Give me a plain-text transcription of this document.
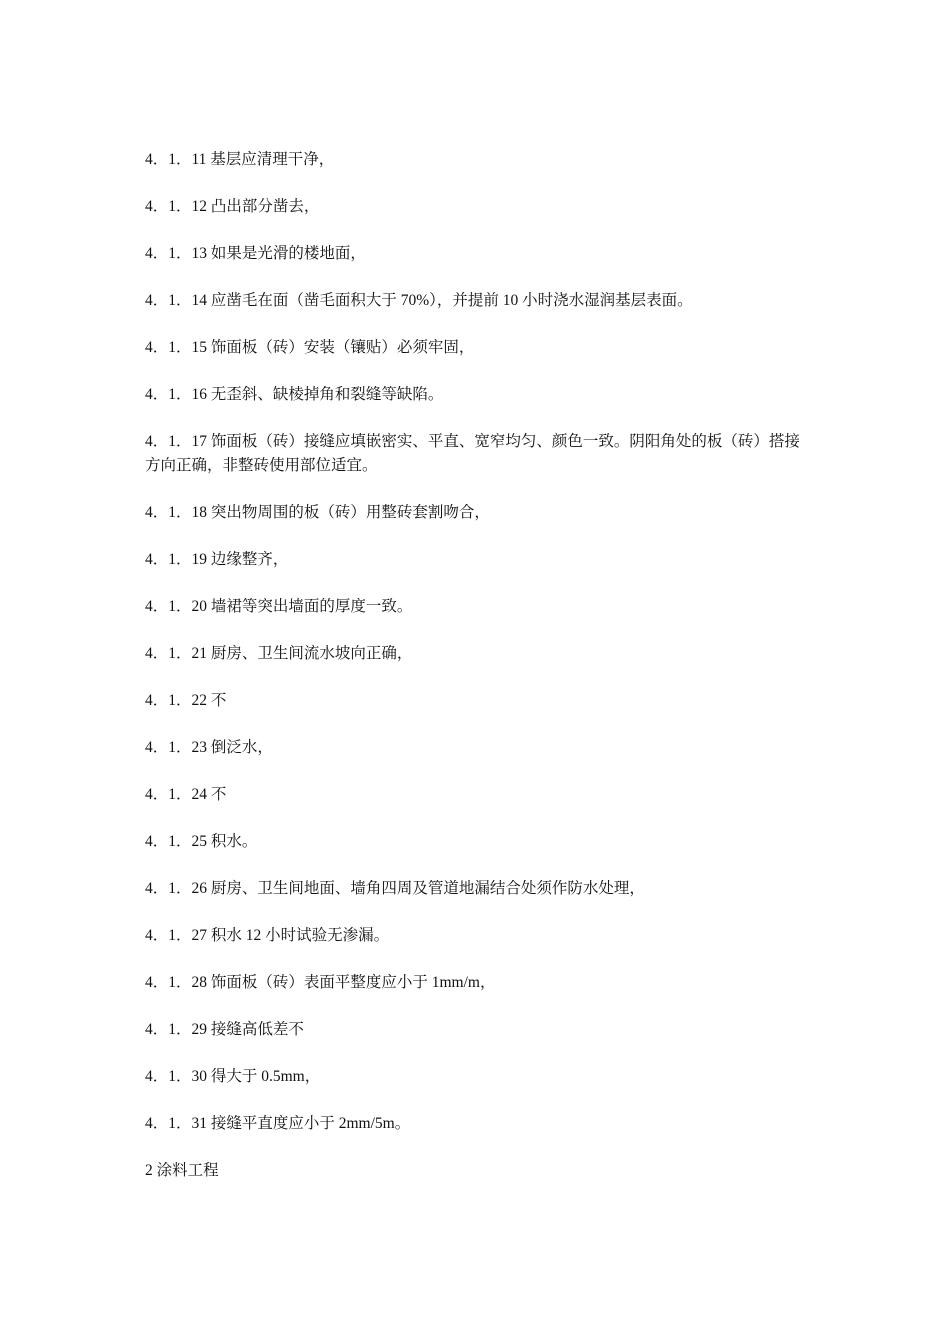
4．1．11 基层应清理干净，

4．1．12 凸出部分凿去，

4．1．13 如果是光滑的楼地面，

4．1．14 应凿毛在面（凿毛面积大于 70%），并提前 10 小时浇水湿润基层表面。

4．1．15 饰面板（砖）安装（镶贴）必须牢固，

4．1．16 无歪斜、缺棱掉角和裂缝等缺陷。

4．1．17 饰面板（砖）接缝应填嵌密实、平直、宽窄均匀、颜色一致。阴阳角处的板（砖）搭接方向正确，非整砖使用部位适宜。

4．1．18 突出物周围的板（砖）用整砖套割吻合，

4．1．19 边缘整齐，

4．1．20 墙裙等突出墙面的厚度一致。

4．1．21 厨房、卫生间流水坡向正确，

4．1．22 不

4．1．23 倒泛水，

4．1．24 不

4．1．25 积水。

4．1．26 厨房、卫生间地面、墙角四周及管道地漏结合处须作防水处理，

4．1．27 积水 12 小时试验无渗漏。

4．1．28 饰面板（砖）表面平整度应小于 1mm/m，

4．1．29 接缝高低差不

4．1．30 得大于 0.5mm，

4．1．31 接缝平直度应小于 2mm/5m。

2 涂料工程
